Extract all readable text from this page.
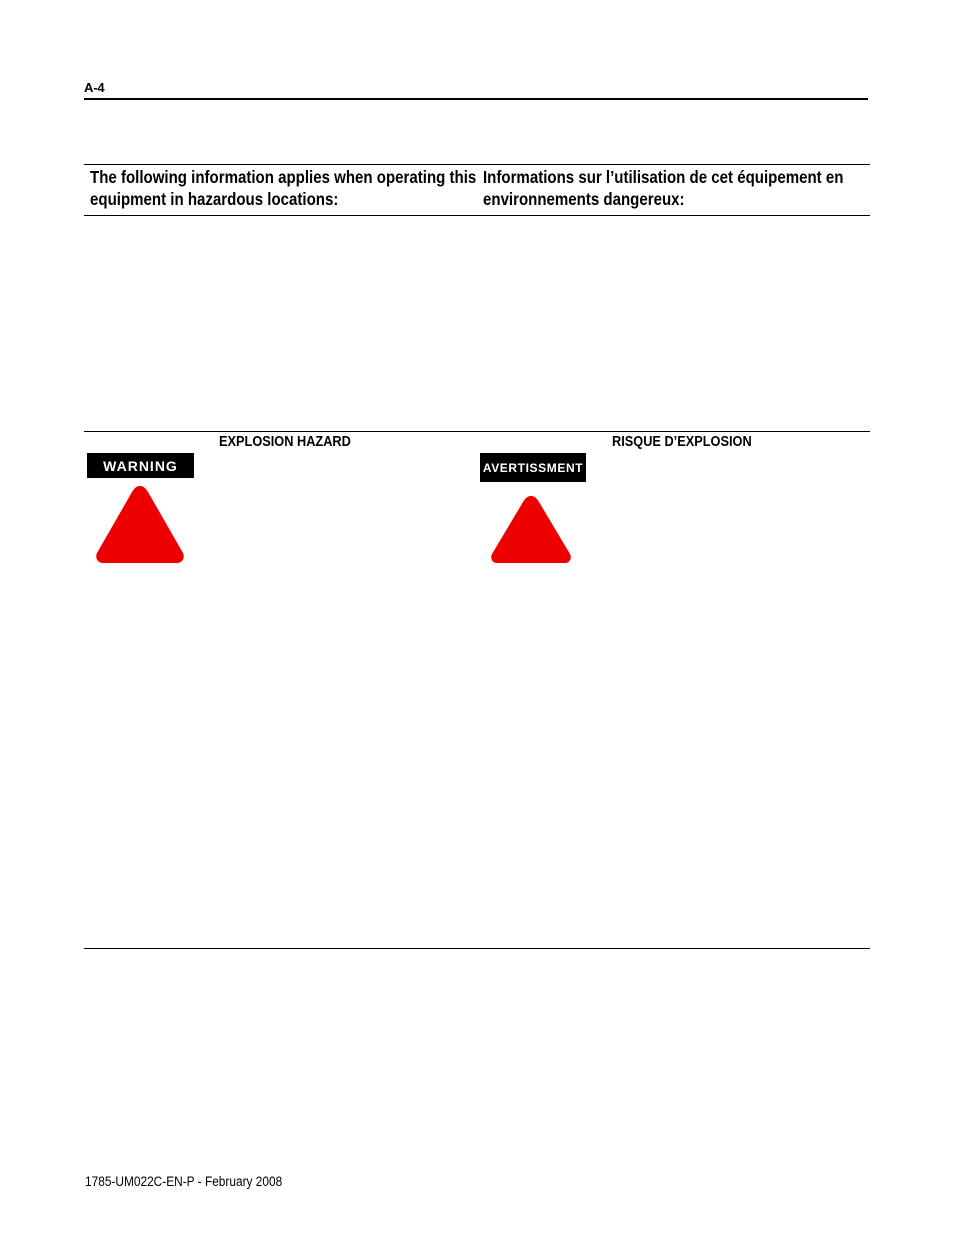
A-4
The following information applies when operating this
equipment in hazardous locations:
Informations sur l’utilisation de cet équipement en
environnements dangereux:
EXPLOSION HAZARD	RISQUE D’EXPLOSION
WARNING	AVERTISSMENT
1785-UM022C-EN-P - February 2008
